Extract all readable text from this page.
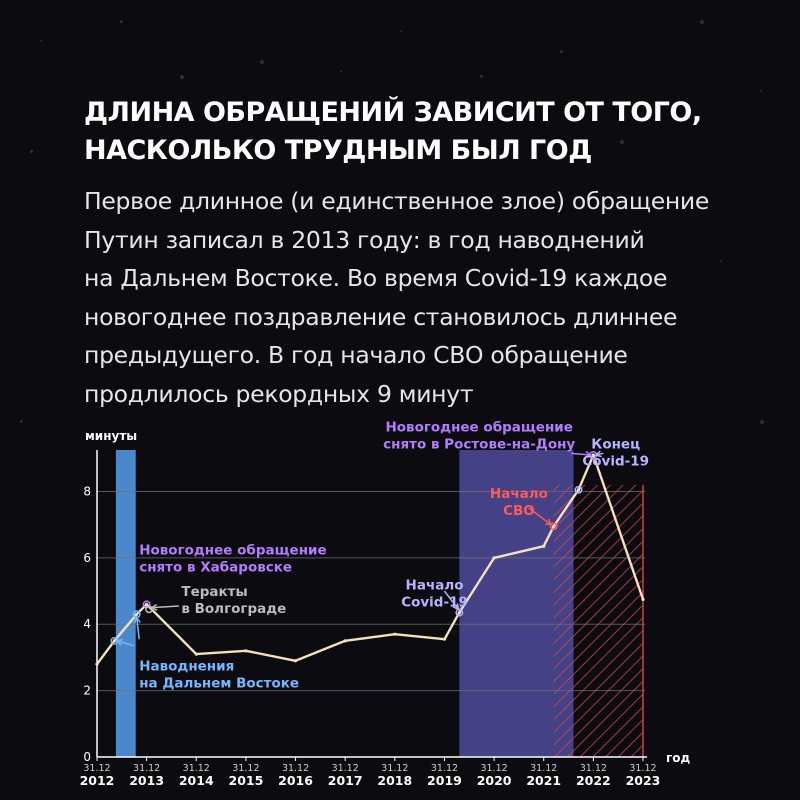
ДЛИНА ОБРАЩЕНИЙ ЗАВИСИТ ОТ ТОГО,
НАСКОЛЬКО ТРУДНЫМ БЫЛ ГОД
Первое длинное (и единственное злое) обращение
Путин записал в 2013 году: в год наводнений
на Дальнем Востоке. Во время Covid-19 каждое
новогоднее поздравление становилось длиннее
предыдущего. В год начало СВО обращение
продлилось рекордных 9 минут
0
2
4
6
8
минуты
год
31.12
2012
31.12
2013
31.12
2014
31.12
2015
31.12
2016
31.12
2017
31.12
2018
31.12
2019
31.12
2020
31.12
2021
31.12
2022
31.12
2023
Новогоднее обращение снято в Хабаровске
Теракты в Волгограде
Наводнения на Дальнем Востоке
Начало Covid-19
Новогоднее обращение снято в Ростове-на-Дону
Начало СВО
Конец Covid-19
